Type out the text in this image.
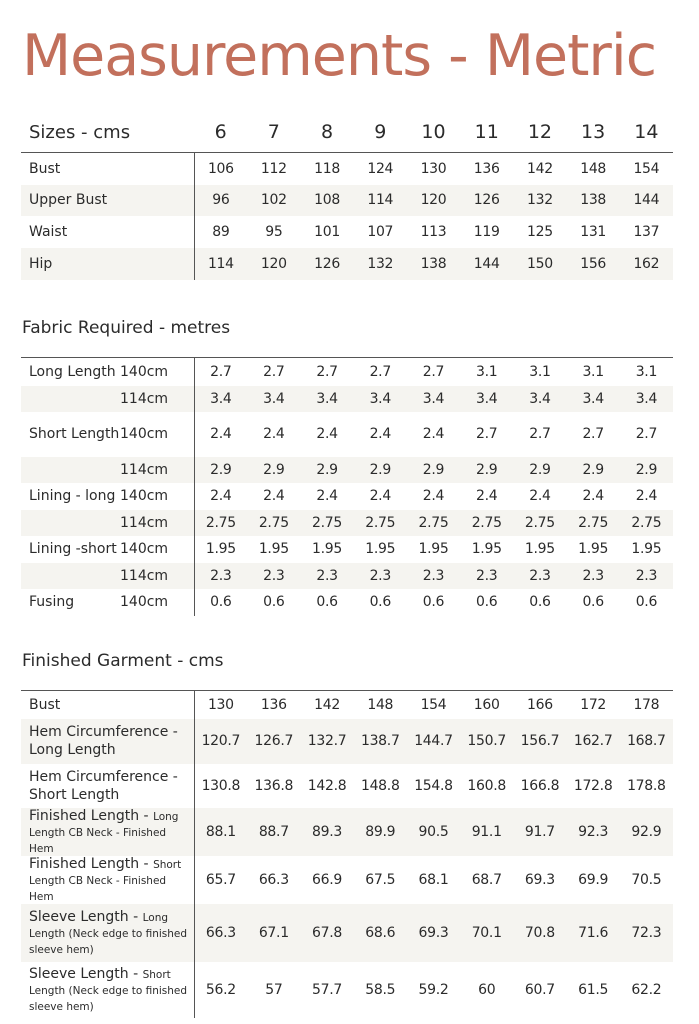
Measurements - Metric
Sizes - cms	6	7	8	9	10	11	12	13	14
Bust	106	112	118	124	130	136	142	148	154
Upper Bust	96	102	108	114	120	126	132	138	144
Waist	89	95	101	107	113	119	125	131	137
Hip	114	120	126	132	138	144	150	156	162
Fabric Required - metres
Long Length	140cm	2.7	2.7	2.7	2.7	2.7	3.1	3.1	3.1	3.1
	114cm	3.4	3.4	3.4	3.4	3.4	3.4	3.4	3.4	3.4
Short Length	140cm	2.4	2.4	2.4	2.4	2.4	2.7	2.7	2.7	2.7
	114cm	2.9	2.9	2.9	2.9	2.9	2.9	2.9	2.9	2.9
Lining - long	140cm	2.4	2.4	2.4	2.4	2.4	2.4	2.4	2.4	2.4
	114cm	2.75	2.75	2.75	2.75	2.75	2.75	2.75	2.75	2.75
Lining -short	140cm	1.95	1.95	1.95	1.95	1.95	1.95	1.95	1.95	1.95
	114cm	2.3	2.3	2.3	2.3	2.3	2.3	2.3	2.3	2.3
Fusing	140cm	0.6	0.6	0.6	0.6	0.6	0.6	0.6	0.6	0.6
Finished Garment - cms
Bust	130	136	142	148	154	160	166	172	178
Hem Circumference - Long Length	120.7	126.7	132.7	138.7	144.7	150.7	156.7	162.7	168.7
Hem Circumference - Short Length	130.8	136.8	142.8	148.8	154.8	160.8	166.8	172.8	178.8
Finished Length - Long Length CB Neck - Finished Hem	88.1	88.7	89.3	89.9	90.5	91.1	91.7	92.3	92.9
Finished Length - Short Length CB Neck - Finished Hem	65.7	66.3	66.9	67.5	68.1	68.7	69.3	69.9	70.5
Sleeve Length - Long Length (Neck edge to finished sleeve hem)	66.3	67.1	67.8	68.6	69.3	70.1	70.8	71.6	72.3
Sleeve Length - Short Length (Neck edge to finished sleeve hem)	56.2	57	57.7	58.5	59.2	60	60.7	61.5	62.2
